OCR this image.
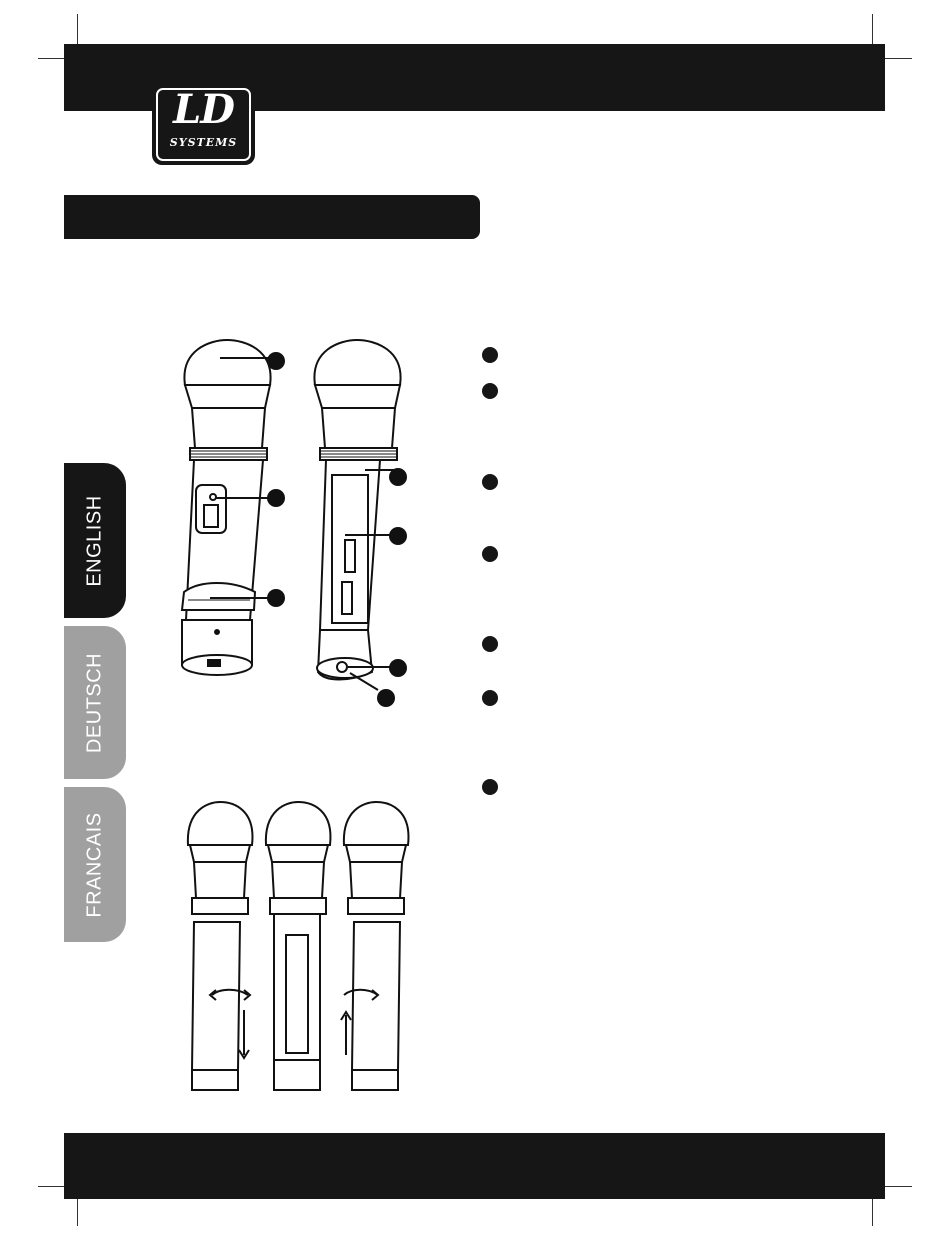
LD
SYSTEMS
ENGLISH
DEUTSCH
FRANCAIS
